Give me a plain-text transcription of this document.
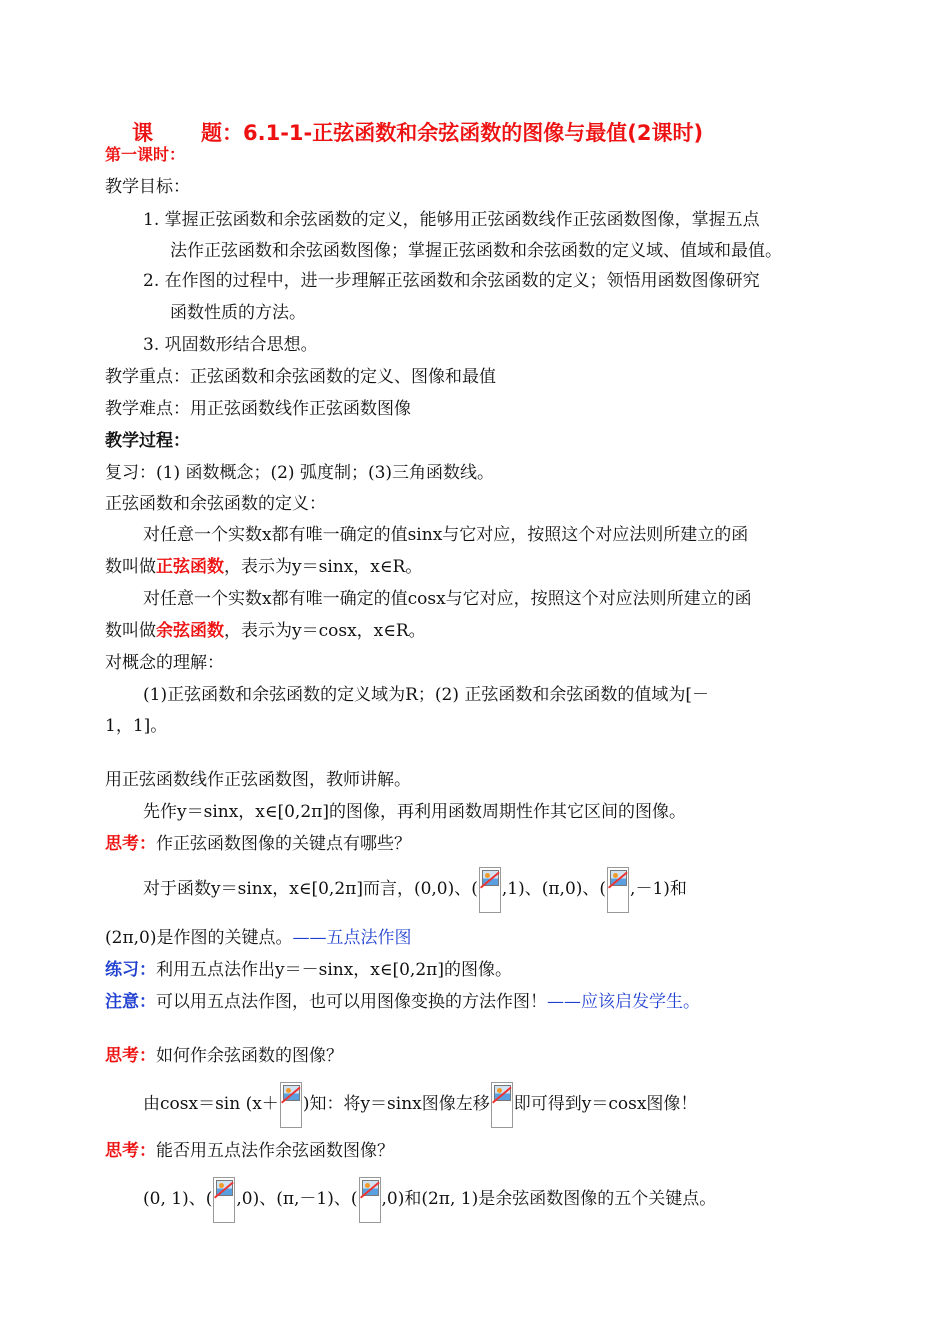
课 题：6.1-1-正弦函数和余弦函数的图像与最值(2课时)
第一课时：
教学目标：
1. 掌握正弦函数和余弦函数的定义，能够用正弦函数线作正弦函数图像，掌握五点
法作正弦函数和余弦函数图像；掌握正弦函数和余弦函数的定义域、值域和最值。
2. 在作图的过程中，进一步理解正弦函数和余弦函数的定义；领悟用函数图像研究
函数性质的方法。
3. 巩固数形结合思想。
教学重点：正弦函数和余弦函数的定义、图像和最值
教学难点：用正弦函数线作正弦函数图像
教学过程：
复习：(1) 函数概念；(2) 弧度制；(3)三角函数线。
正弦函数和余弦函数的定义：
对任意一个实数x都有唯一确定的值sinx与它对应，按照这个对应法则所建立的函
数叫做正弦函数，表示为y＝sinx，x∈R。
对任意一个实数x都有唯一确定的值cosx与它对应，按照这个对应法则所建立的函
数叫做余弦函数，表示为y＝cosx，x∈R。
对概念的理解：
(1)正弦函数和余弦函数的定义域为R；(2) 正弦函数和余弦函数的值域为[－
1，1]。
用正弦函数线作正弦函数图，教师讲解。
先作y＝sinx，x∈[0,2π]的图像，再利用函数周期性作其它区间的图像。
思考：作正弦函数图像的关键点有哪些？
对于函数y＝sinx，x∈[0,2π]而言，(0,0)、( ,1)、(π,0)、( ,－1)和
(2π,0)是作图的关键点。——五点法作图
练习：利用五点法作出y＝－sinx，x∈[0,2π]的图像。
注意：可以用五点法作图，也可以用图像变换的方法作图！——应该启发学生。
思考：如何作余弦函数的图像？
由cosx＝sin (x＋ )知：将y＝sinx图像左移 即可得到y＝cosx图像！
思考：能否用五点法作余弦函数图像？
(0, 1)、( ,0)、(π,－1)、( ,0)和(2π, 1)是余弦函数图像的五个关键点。
